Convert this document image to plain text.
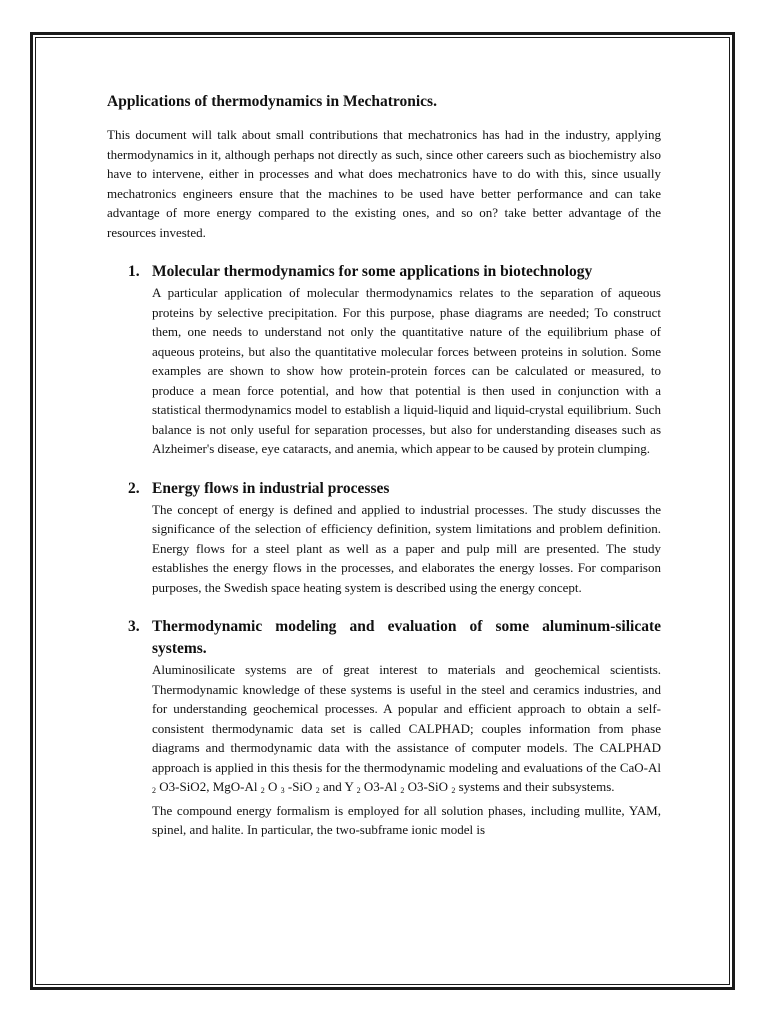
Applications of thermodynamics in Mechatronics.

This document will talk about small contributions that mechatronics has had in the industry, applying thermodynamics in it, although perhaps not directly as such, since other careers such as biochemistry also have to intervene, either in processes and what does mechatronics have to do with this, since usually mechatronics engineers ensure that the machines to be used have better performance and can take advantage of more energy compared to the existing ones, and so on? take better advantage of the resources invested.

1. Molecular thermodynamics for some applications in biotechnology

A particular application of molecular thermodynamics relates to the separation of aqueous proteins by selective precipitation. For this purpose, phase diagrams are needed; To construct them, one needs to understand not only the quantitative nature of the equilibrium phase of aqueous proteins, but also the quantitative molecular forces between proteins in solution. Some examples are shown to show how protein-protein forces can be calculated or measured, to produce a mean force potential, and how that potential is then used in conjunction with a statistical thermodynamics model to establish a liquid-liquid and liquid-crystal equilibrium. Such balance is not only useful for separation processes, but also for understanding diseases such as Alzheimer's disease, eye cataracts, and anemia, which appear to be caused by protein clumping.

2. Energy flows in industrial processes

The concept of energy is defined and applied to industrial processes. The study discusses the significance of the selection of efficiency definition, system limitations and problem definition. Energy flows for a steel plant as well as a paper and pulp mill are presented. The study establishes the energy flows in the processes, and elaborates the energy losses. For comparison purposes, the Swedish space heating system is described using the energy concept.

3. Thermodynamic modeling and evaluation of some aluminum-silicate systems.

Aluminosilicate systems are of great interest to materials and geochemical scientists. Thermodynamic knowledge of these systems is useful in the steel and ceramics industries, and for understanding geochemical processes. A popular and efficient approach to obtain a self-consistent thermodynamic data set is called CALPHAD; couples information from phase diagrams and thermodynamic data with the assistance of computer models. The CALPHAD approach is applied in this thesis for the thermodynamic modeling and evaluations of the CaO-Al $_2$ O3-SiO2, MgO-Al $_2$ O $_3$ -SiO $_2$ and Y $_2$ O3-Al $_2$ O3-SiO $_2$ systems and their subsystems.

The compound energy formalism is employed for all solution phases, including mullite, YAM, spinel, and halite. In particular, the two-subframe ionic model is
